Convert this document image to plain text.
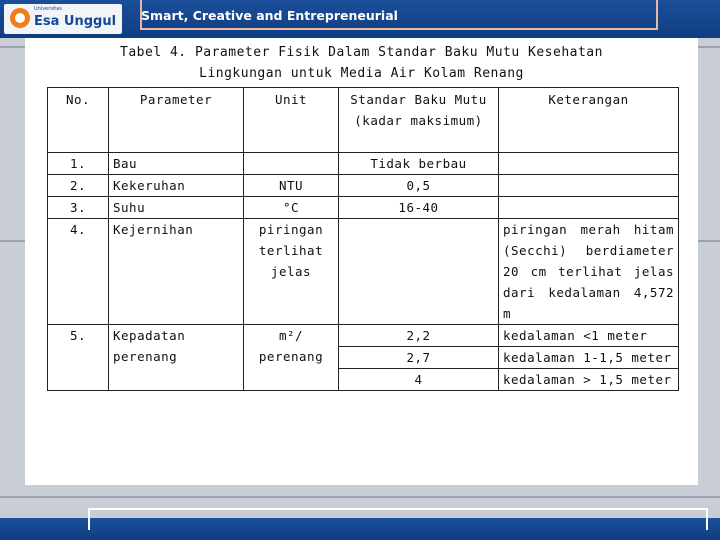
Universitas
Esa Unggul Smart, Creative and Entrepreneurial
Tabel 4. Parameter Fisik Dalam Standar Baku Mutu Kesehatan
Lingkungan untuk Media Air Kolam Renang
No.	Parameter	Unit	Standar Baku Mutu (kadar maksimum)	Keterangan
1.	Bau		Tidak berbau	
2.	Kekeruhan	NTU	0,5	
3.	Suhu	°C	16-40	
4.	Kejernihan	piringan terlihat jelas		piringan merah hitam (Secchi) berdiameter 20 cm terlihat jelas dari kedalaman 4,572 m
5.	Kepadatan perenang	m²/ perenang	2,2	kedalaman <1 meter
			2,7	kedalaman 1-1,5 meter
			4	kedalaman > 1,5 meter
